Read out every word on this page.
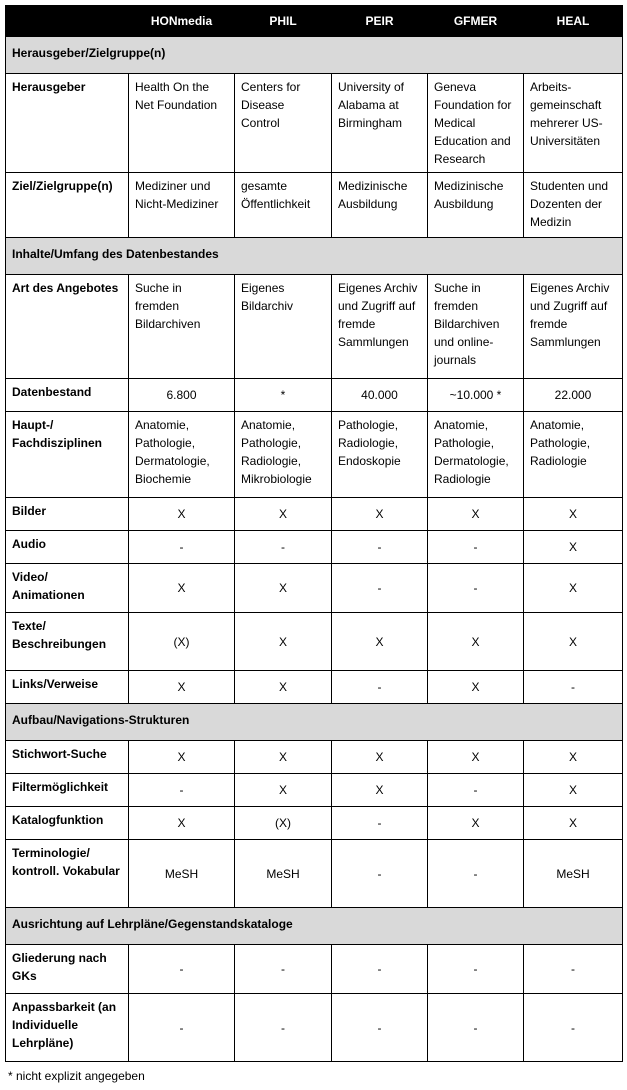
	HONmedia	PHIL	PEIR	GFMER	HEAL
Herausgeber/Zielgruppe(n)					
Herausgeber	Health On the Net Foundation	Centers for Disease Control	University of Alabama at Birmingham	Geneva Foundation for Medical Education and Research	Arbeits-gemeinschaft mehrerer US-Universitäten
Ziel/Zielgruppe(n)	Mediziner und Nicht-Mediziner	gesamte Öffentlichkeit	Medizinische Ausbildung	Medizinische Ausbildung	Studenten und Dozenten der Medizin
Inhalte/Umfang des Datenbestandes					
Art des Angebotes	Suche in fremden Bildarchiven	Eigenes Bildarchiv	Eigenes Archiv und Zugriff auf fremde Sammlungen	Suche in fremden Bildarchiven und online-journals	Eigenes Archiv und Zugriff auf fremde Sammlungen
Datenbestand	6.800	*	40.000	~10.000 *	22.000
Haupt-/ Fachdisziplinen	Anatomie, Pathologie, Dermatologie, Biochemie	Anatomie, Pathologie, Radiologie, Mikrobiologie	Pathologie, Radiologie, Endoskopie	Anatomie, Pathologie, Dermatologie, Radiologie	Anatomie, Pathologie, Radiologie
Bilder	X	X	X	X	X
Audio	-	-	-	-	X
Video/ Animationen	X	X	-	-	X
Texte/ Beschreibungen	(X)	X	X	X	X
Links/Verweise	X	X	-	X	-
Aufbau/Navigations-Strukturen					
Stichwort-Suche	X	X	X	X	X
Filtermöglichkeit	-	X	X	-	X
Katalogfunktion	X	(X)	-	X	X
Terminologie/ kontroll. Vokabular	MeSH	MeSH	-	-	MeSH
Ausrichtung auf Lehrpläne/Gegenstandskataloge					
Gliederung nach GKs	-	-	-	-	-
Anpassbarkeit (an Individuelle Lehrpläne)	-	-	-	-	-
* nicht explizit angegeben
